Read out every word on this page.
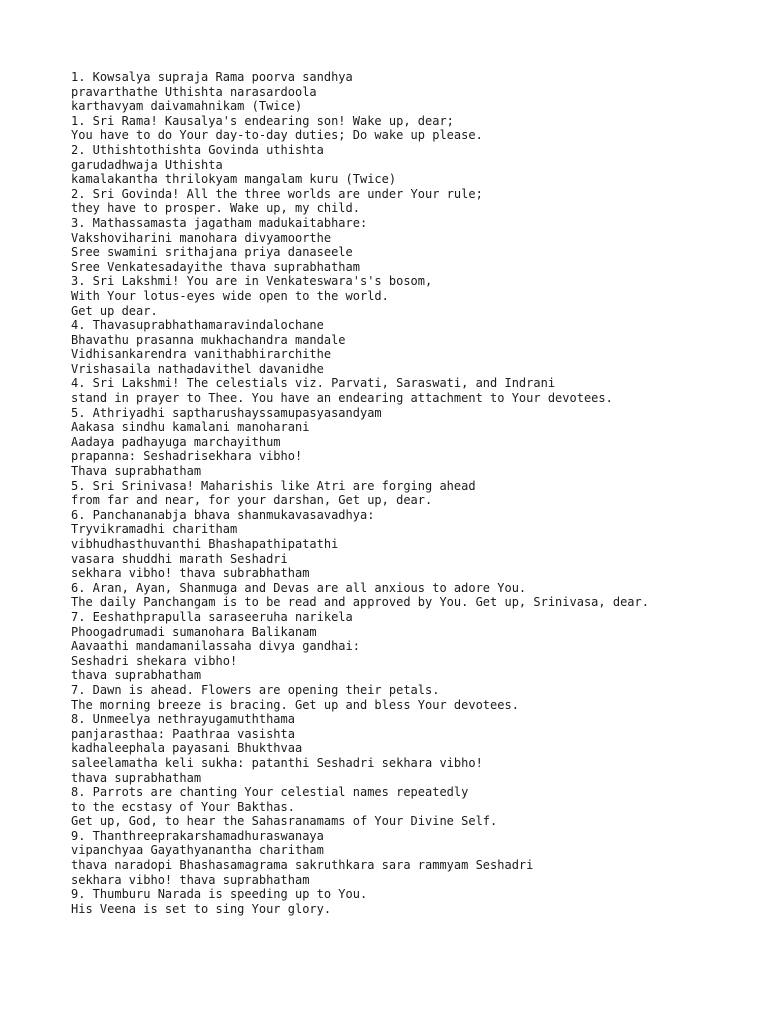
1. Kowsalya supraja Rama poorva sandhya
pravarthathe Uthishta narasardoola
karthavyam daivamahnikam (Twice)
1. Sri Rama! Kausalya's endearing son! Wake up, dear;
You have to do Your day-to-day duties; Do wake up please.
2. Uthishtothishta Govinda uthishta
garudadhwaja Uthishta
kamalakantha thrilokyam mangalam kuru (Twice)
2. Sri Govinda! All the three worlds are under Your rule;
they have to prosper. Wake up, my child.
3. Mathassamasta jagatham madukaitabhare:
Vakshoviharini manohara divyamoorthe
Sree swamini srithajana priya danaseele
Sree Venkatesadayithe thava suprabhatham
3. Sri Lakshmi! You are in Venkateswara's's bosom,
With Your lotus-eyes wide open to the world.
Get up dear.
4. Thavasuprabhathamaravindalochane
Bhavathu prasanna mukhachandra mandale
Vidhisankarendra vanithabhirarchithe
Vrishasaila nathadavithel davanidhe
4. Sri Lakshmi! The celestials viz. Parvati, Saraswati, and Indrani
stand in prayer to Thee. You have an endearing attachment to Your devotees.
5. Athriyadhi saptharushayssamupasyasandyam
Aakasa sindhu kamalani manoharani
Aadaya padhayuga marchayithum
prapanna: Seshadrisekhara vibho!
Thava suprabhatham
5. Sri Srinivasa! Maharishis like Atri are forging ahead
from far and near, for your darshan, Get up, dear.
6. Panchananabja bhava shanmukavasavadhya:
Tryvikramadhi charitham
vibhudhasthuvanthi Bhashapathipatathi
vasara shuddhi marath Seshadri
sekhara vibho! thava subrabhatham
6. Aran, Ayan, Shanmuga and Devas are all anxious to adore You.
The daily Panchangam is to be read and approved by You. Get up, Srinivasa, dear.
7. Eeshathprapulla saraseeruha narikela
Phoogadrumadi sumanohara Balikanam
Aavaathi mandamanilassaha divya gandhai:
Seshadri shekara vibho!
thava suprabhatham
7. Dawn is ahead. Flowers are opening their petals.
The morning breeze is bracing. Get up and bless Your devotees.
8. Unmeelya nethrayugamuththama
panjarasthaa: Paathraa vasishta
kadhaleephala payasani Bhukthvaa
saleelamatha keli sukha: patanthi Seshadri sekhara vibho!
thava suprabhatham
8. Parrots are chanting Your celestial names repeatedly
to the ecstasy of Your Bakthas.
Get up, God, to hear the Sahasranamams of Your Divine Self.
9. Thanthreeprakarshamadhuraswanaya
vipanchyaa Gayathyanantha charitham
thava naradopi Bhashasamagrama sakruthkara sara rammyam Seshadri
sekhara vibho! thava suprabhatham
9. Thumburu Narada is speeding up to You.
His Veena is set to sing Your glory.
